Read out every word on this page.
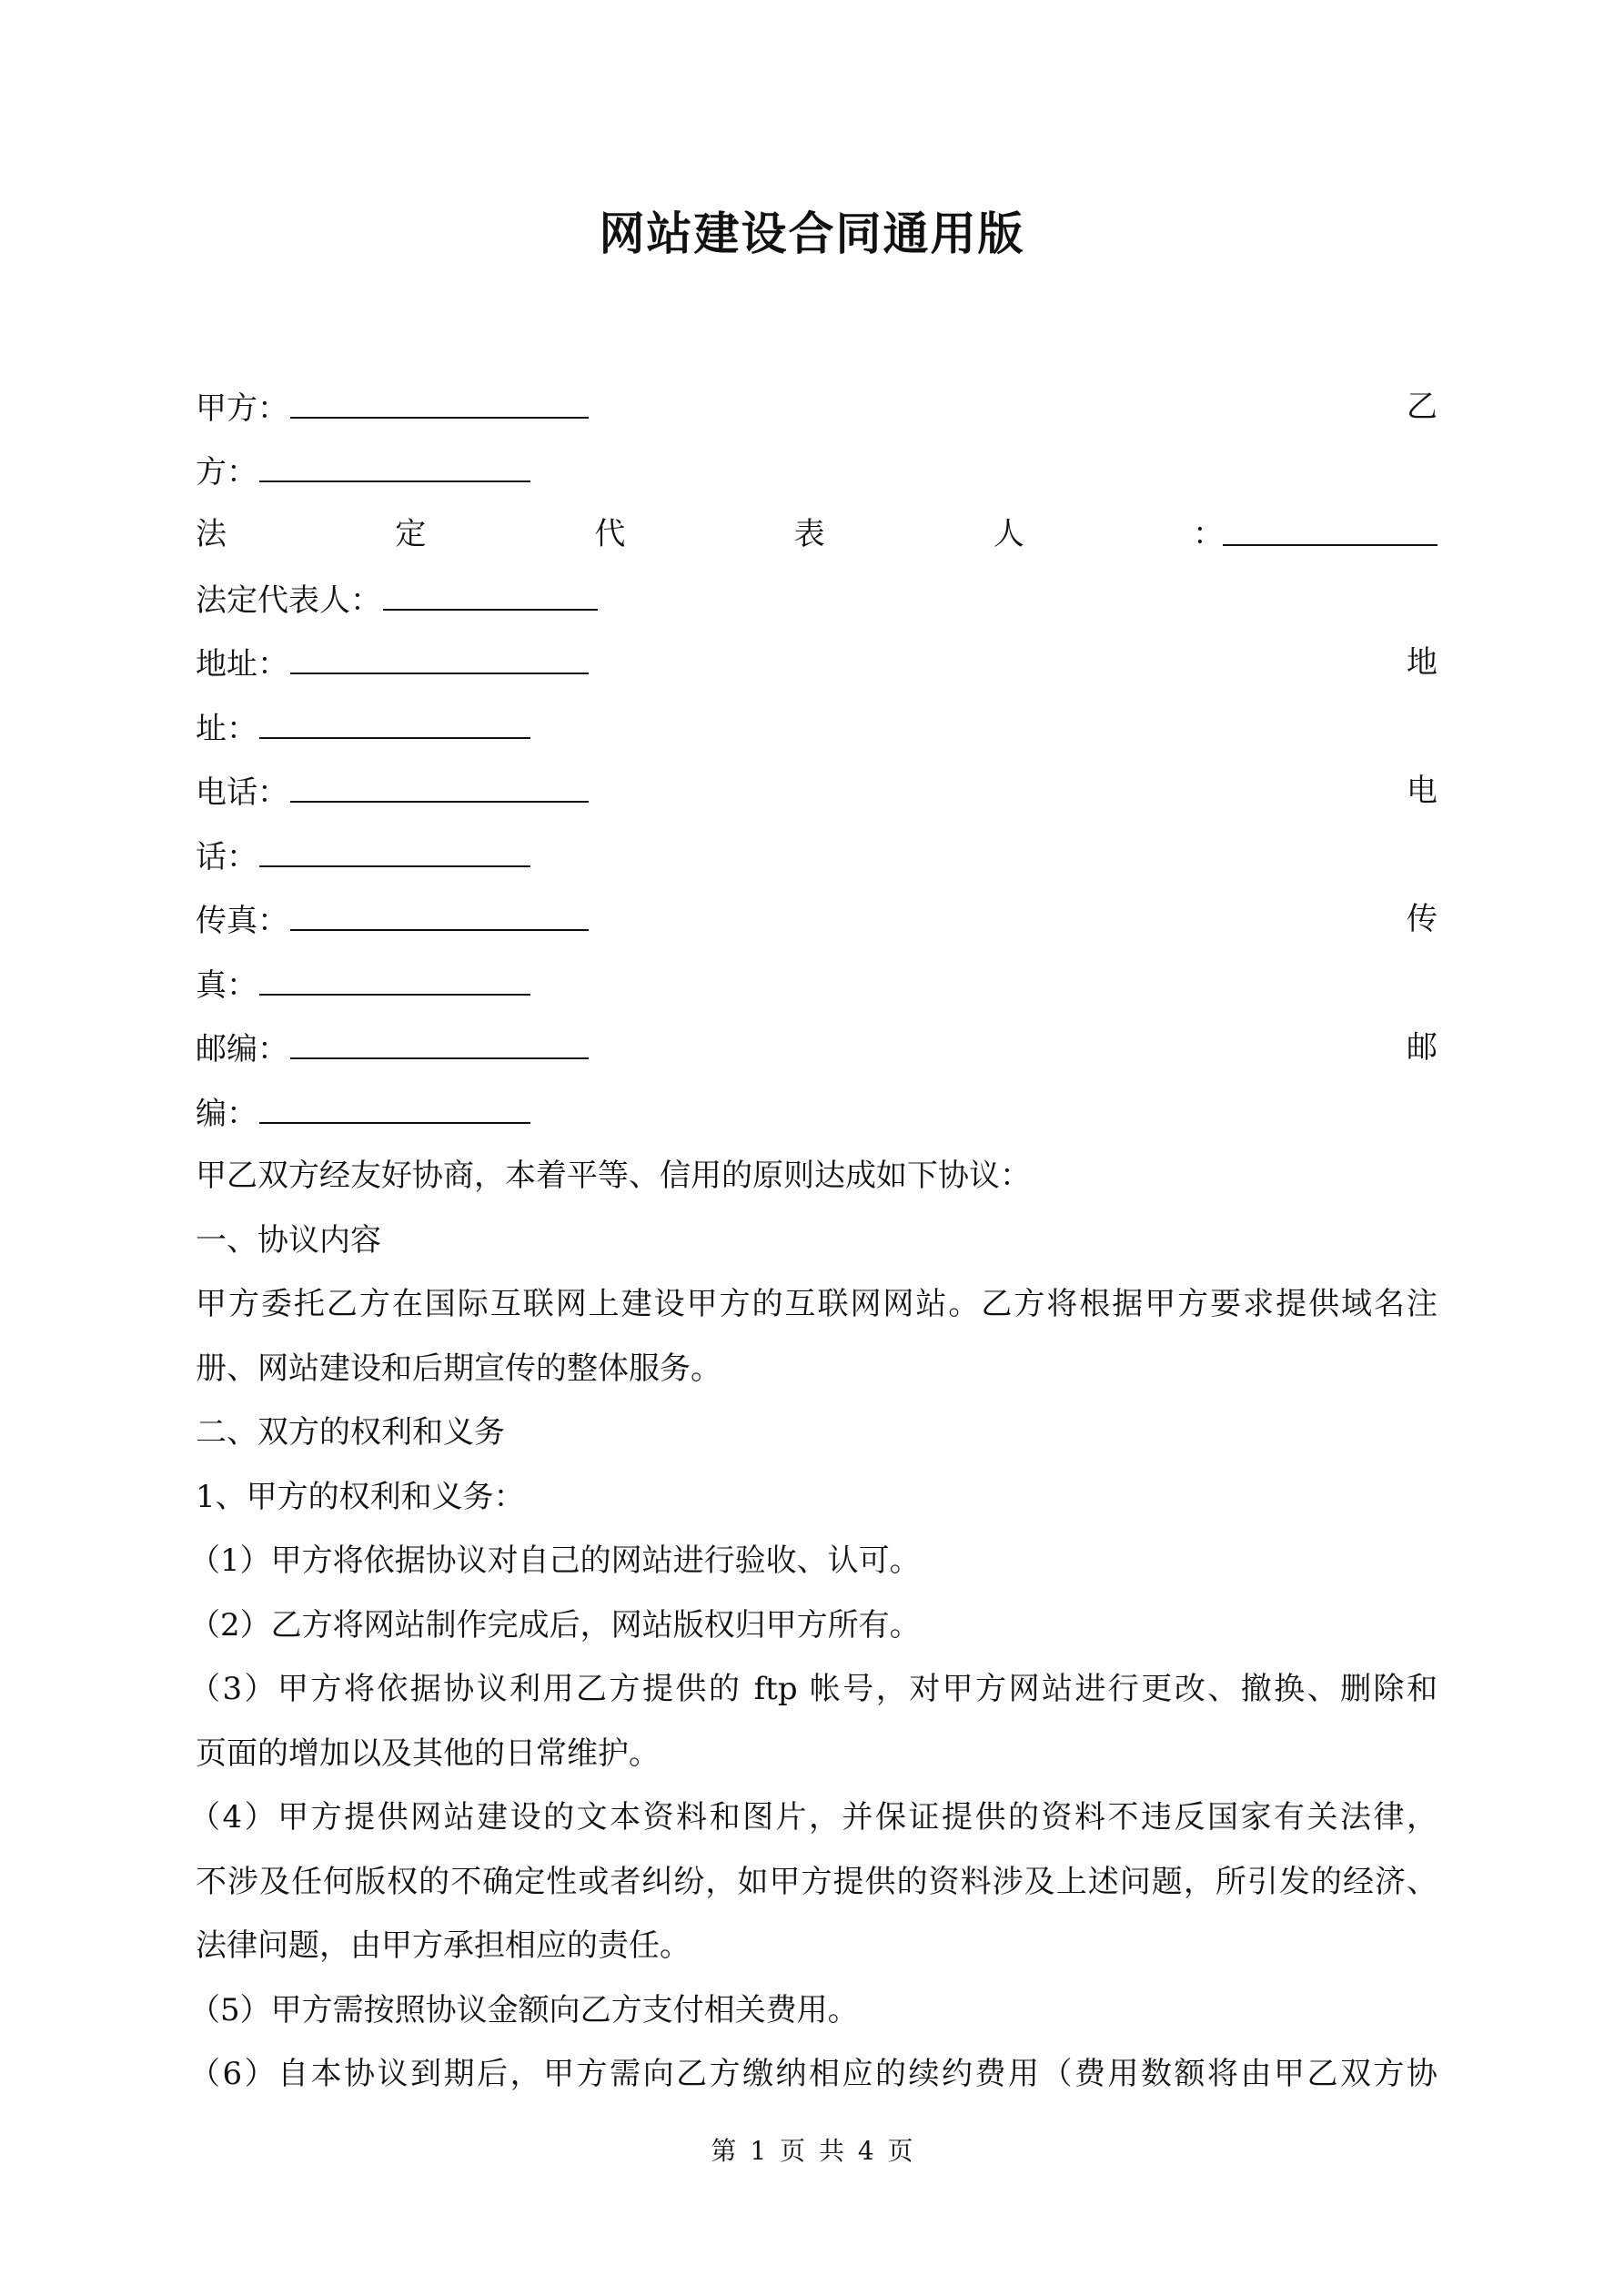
网站建设合同通用版
甲方：	乙
方：
法	定	代	表	人	：
法定代表人：
地址：	地
址：
电话：	电
话：
传真：	传
真：
邮编：	邮
编：
甲乙双方经友好协商，本着平等、信用的原则达成如下协议：
一、协议内容
甲方委托乙方在国际互联网上建设甲方的互联网网站。乙方将根据甲方要求提供域名注
册、网站建设和后期宣传的整体服务。
二、双方的权利和义务
1、甲方的权利和义务：
（1）甲方将依据协议对自己的网站进行验收、认可。
（2）乙方将网站制作完成后，网站版权归甲方所有。
（3）甲方将依据协议利用乙方提供的 ftp 帐号，对甲方网站进行更改、撤换、删除和
页面的增加以及其他的日常维护。
（4）甲方提供网站建设的文本资料和图片，并保证提供的资料不违反国家有关法律，
不涉及任何版权的不确定性或者纠纷，如甲方提供的资料涉及上述问题，所引发的经济、
法律问题，由甲方承担相应的责任。
（5）甲方需按照协议金额向乙方支付相关费用。
（6）自本协议到期后，甲方需向乙方缴纳相应的续约费用（费用数额将由甲乙双方协
第 1 页 共 4 页
